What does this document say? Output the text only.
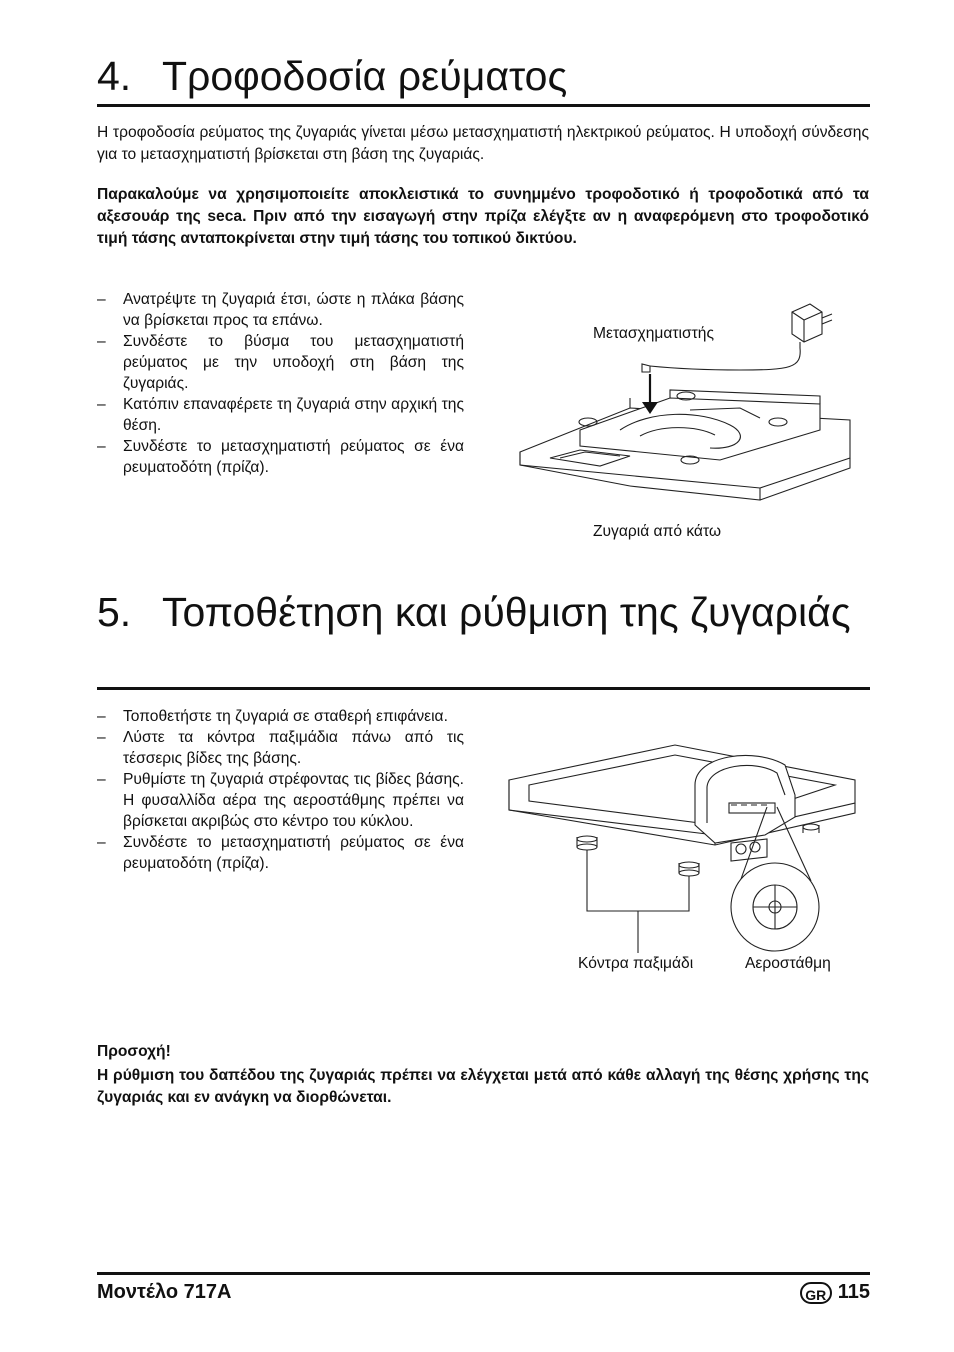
4. Τροφοδοσία ρεύματος

Η τροφοδοσία ρεύματος της ζυγαριάς γίνεται μέσω μετασχηματιστή ηλεκτρικού ρεύματος. Η υποδοχή σύνδεσης για το μετασχηματιστή βρίσκεται στη βάση της ζυγαριάς.

Παρακαλούμε να χρησιμοποιείτε αποκλειστικά το συνημμένο τροφοδοτικό ή τροφοδοτικά από τα αξεσουάρ της seca. Πριν από την εισαγωγή στην πρίζα ελέγξτε αν η αναφερόμενη στο τροφοδοτικό τιμή τάσης ανταποκρίνεται στην τιμή τάσης του τοπικού δικτύου.

– Ανατρέψτε τη ζυγαριά έτσι, ώστε η πλάκα βάσης να βρίσκεται προς τα επάνω.
– Συνδέστε το βύσμα του μετασχηματιστή ρεύματος με την υποδοχή στη βάση της ζυγαριάς.
– Κατόπιν επαναφέρετε τη ζυγαριά στην αρχική της θέση.
– Συνδέστε το μετασχηματιστή ρεύματος σε ένα ρευματοδότη (πρίζα).
Μετασχηματιστής
Ζυγαριά από κάτω
5. Τοποθέτηση και ρύθμιση της ζυγαριάς
– Τοποθετήστε τη ζυγαριά σε σταθερή επιφάνεια.
– Λύστε τα κόντρα παξιμάδια πάνω από τις τέσσερις βίδες της βάσης.
– Ρυθμίστε τη ζυγαριά στρέφοντας τις βίδες βάσης. Η φυσαλλίδα αέρα της αεροστάθμης πρέπει να βρίσκεται ακριβώς στο κέντρο του κύκλου.
– Συνδέστε το μετασχηματιστή ρεύματος σε ένα ρευματοδότη (πρίζα).
Κόντρα παξιμάδι	Αεροστάθμη
Προσοχή!

Η ρύθμιση του δαπέδου της ζυγαριάς πρέπει να ελέγχεται μετά από κάθε αλλαγή της θέσης χρήσης της ζυγαριάς και εν ανάγκη να διορθώνεται.

Μοντέλο 717A	GR 115
